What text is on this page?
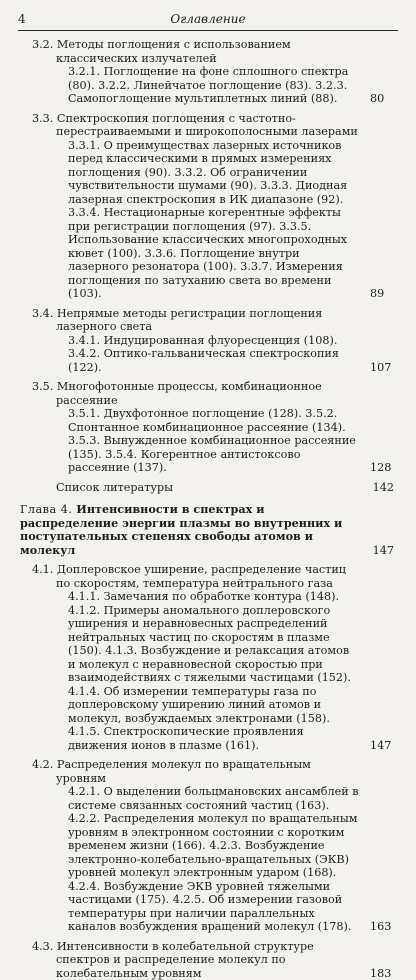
4	Оглавление
3.2. Методы поглощения с использованием классических излучателей
3.2.1. Поглощение на фоне сплошного спектра (80). 3.2.2. Линейчатое поглощение (83). 3.2.3. Самопоглощение мультиплетных линий (88).	80
3.3. Спектроскопия поглощения с частотно-перестраиваемыми и широкополосными лазерами
3.3.1. О преимуществах лазерных источников перед классическими в прямых измерениях поглощения (90). 3.3.2. Об ограничении чувствительности шумами (90). 3.3.3. Диодная лазерная спектроскопия в ИК диапазоне (92). 3.3.4. Нестационарные когерентные эффекты при регистрации поглощения (97). 3.3.5. Использование классических многопроходных кювет (100). 3.3.6. Поглощение внутри лазерного резонатора (100). 3.3.7. Измерения поглощения по затуханию света во времени (103).	89
3.4. Непрямые методы регистрации поглощения лазерного света
3.4.1. Индуцированная флуоресценция (108). 3.4.2. Оптико-гальваническая спектроскопия (122).	107
3.5. Многофотонные процессы, комбинационное рассеяние
3.5.1. Двухфотонное поглощение (128). 3.5.2. Спонтанное комбинационное рассеяние (134). 3.5.3. Вынужденное комбинационное рассеяние (135). 3.5.4. Когерентное антистоксово рассеяние (137).	128
Список литературы	142
Глава 4. Интенсивности в спектрах и распределение энергии плазмы во внутренних и поступательных степенях свободы атомов и молекул	147
4.1. Доплеровское уширение, распределение частиц по скоростям, температура нейтрального газа
4.1.1. Замечания по обработке контура (148). 4.1.2. Примеры аномального доплеровского уширения и неравновесных распределений нейтральных частиц по скоростям в плазме (150). 4.1.3. Возбуждение и релаксация атомов и молекул с неравновесной скоростью при взаимодействиях с тяжелыми частицами (152). 4.1.4. Об измерении температуры газа по доплеровскому уширению линий атомов и молекул, возбуждаемых электронами (158). 4.1.5. Спектроскопические проявления движения ионов в плазме (161).	147
4.2. Распределения молекул по вращательным уровням
4.2.1. О выделении больцмановских ансамблей в системе связанных состояний частиц (163). 4.2.2. Распределения молекул по вращательным уровням в электронном состоянии с коротким временем жизни (166). 4.2.3. Возбуждение электронно-колебательно-вращательных (ЭКВ) уровней молекул электронным ударом (168). 4.2.4. Возбуждение ЭКВ уровней тяжелыми частицами (175). 4.2.5. Об измерении газовой температуры при наличии параллельных каналов возбуждения вращений молекул (178).	163
4.3. Интенсивности в колебательной структуре спектров и распределение молекул по колебательным уровням	183
